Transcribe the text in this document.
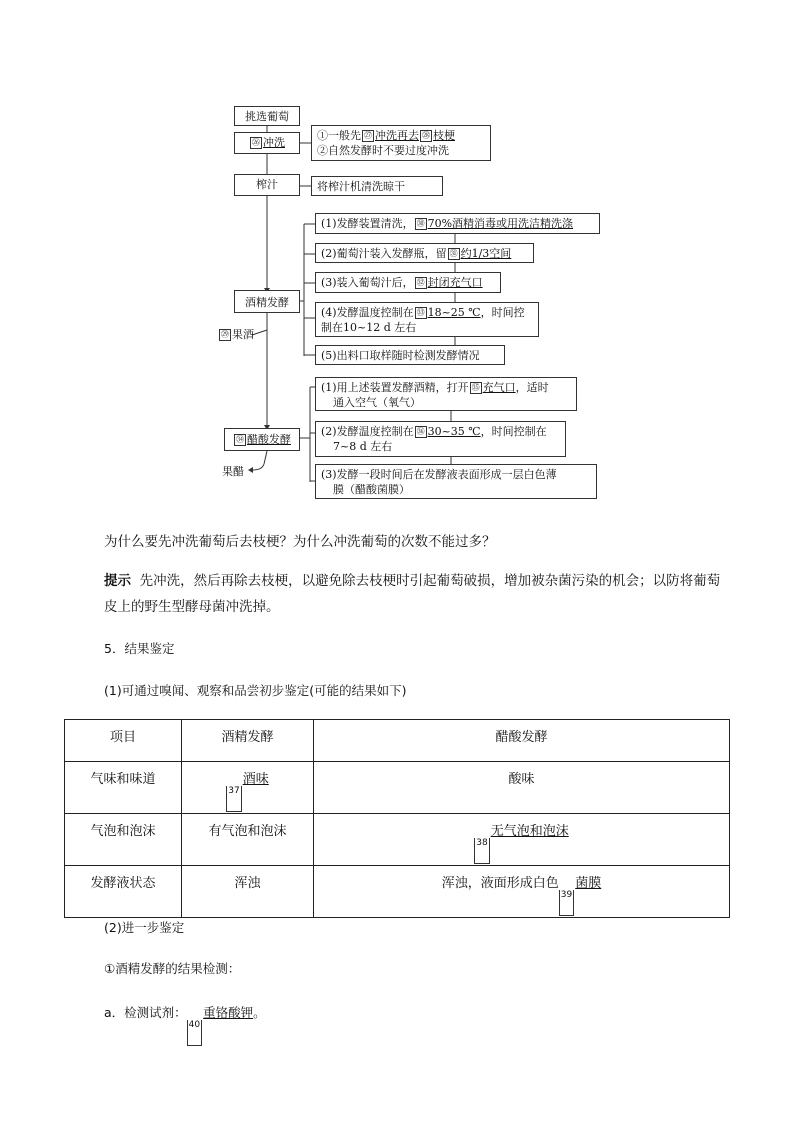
挑选葡萄
㉖ 冲洗
①一般先 ㉗ 冲洗再去 ㉘ 枝梗
②自然发酵时不要过度冲洗
榨汁	将榨汁机清洗晾干
酒精发酵
㉙ 果酒
(1)发酵装置清洗， ㉚ 70%酒精消毒或用洗洁精洗涤
(2)葡萄汁装入发酵瓶，留 ㉛ 约1/3空间
(3)装入葡萄汁后， ㉜ 封闭充气口
(4)发酵温度控制在 ㉝ 18~25 ℃，时间控
制在10~12 d 左右
(5)出料口取样随时检测发酵情况
㉞ 醋酸发酵
果醋
(1)用上述装置发酵酒精，打开 ㉟ 充气口，适时
通入空气（氧气）
(2)发酵温度控制在 ㊱ 30~35 ℃，时间控制在
7~8 d 左右
(3)发酵一段时间后在发酵液表面形成一层白色薄
膜（醋酸菌膜）
为什么要先冲洗葡萄后去枝梗？为什么冲洗葡萄的次数不能过多？
提示 先冲洗，然后再除去枝梗，以避免除去枝梗时引起葡萄破损，增加被杂菌污染的机会；以防将葡萄皮上的野生型酵母菌冲洗掉。
5．结果鉴定
(1)可通过嗅闻、观察和品尝初步鉴定(可能的结果如下)
项目	酒精发酵	醋酸发酵
气味和味道	37酒味	酸味
气泡和泡沫	有气泡和泡沫	38无气泡和泡沫
发酵液状态	浑浊	浑浊，液面形成白色39菌膜
(2)进一步鉴定
①酒精发酵的结果检测：
a．检测试剂：40重铬酸钾。
